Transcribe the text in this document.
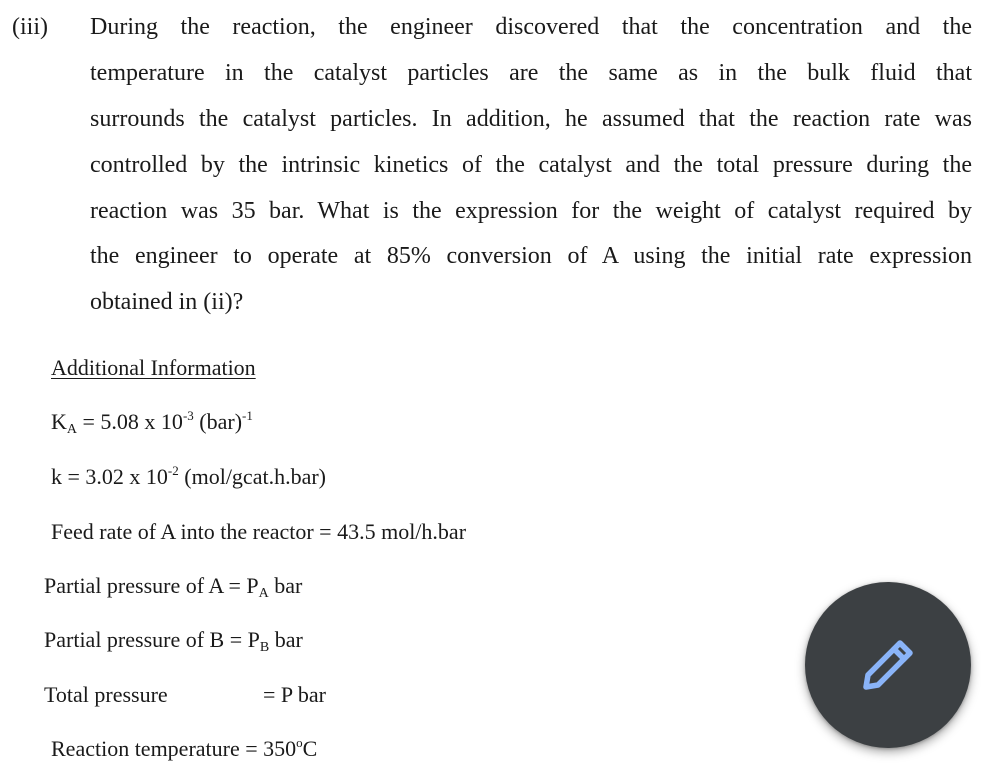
(iii) During the reaction, the engineer discovered that the concentration and the
temperature in the catalyst particles are the same as in the bulk fluid that
surrounds the catalyst particles. In addition, he assumed that the reaction rate was
controlled by the intrinsic kinetics of the catalyst and the total pressure during the
reaction was 35 bar. What is the expression for the weight of catalyst required by
the engineer to operate at 85% conversion of A using the initial rate expression
obtained in (ii)?
Additional Information
$K_A = 5.08$ x $10^{-3}$ (bar)$^{-1}$
k = 3.02 x $10^{-2}$ (mol/gcat.h.bar)
Feed rate of A into the reactor = 43.5 mol/h.bar
Partial pressure of $A = P_A$ bar
Partial pressure of $B = P_B$ bar
Total pressure	= P bar
Reaction temperature = $350^oC$
